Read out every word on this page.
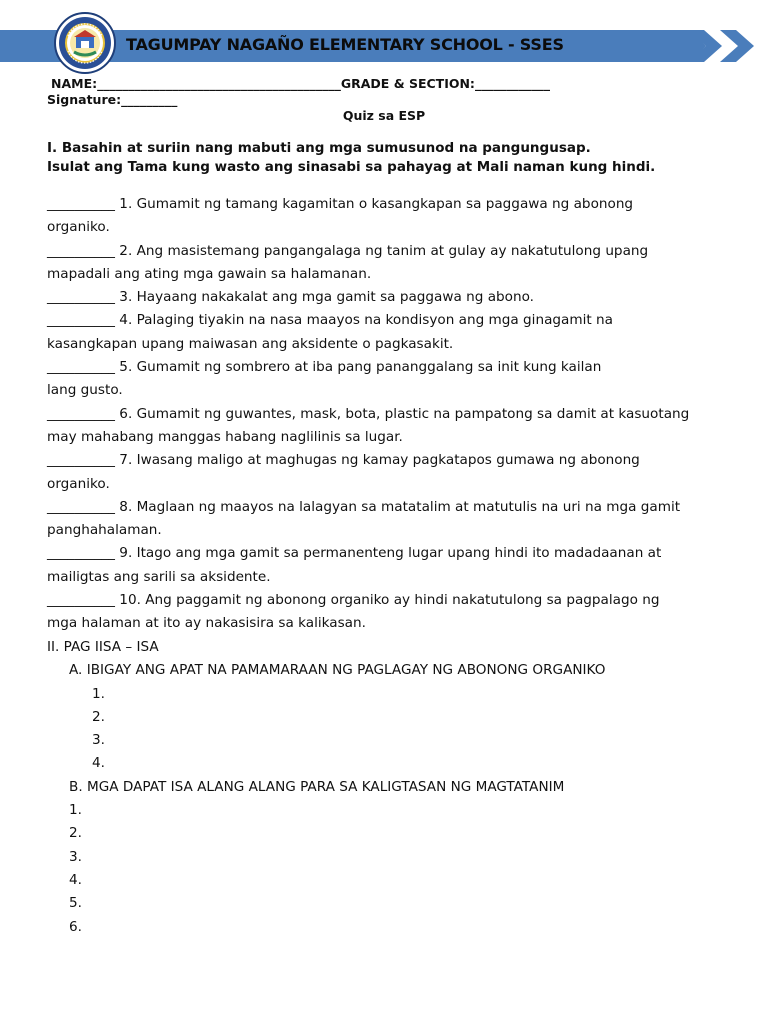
TAGUMPAY NAGAÑO ELEMENTARY SCHOOL - SSES
NAME:_______________________________________GRADE & SECTION:____________
Signature:_________
Quiz sa ESP
I. Basahin at suriin nang mabuti ang mga sumusunod na pangungusap.
Isulat ang Tama kung wasto ang sinasabi sa pahayag at Mali naman kung hindi.

__________ 1. Gumamit ng tamang kagamitan o kasangkapan sa paggawa ng abonong

organiko.

__________ 2. Ang masistemang pangangalaga ng tanim at gulay ay nakatutulong upang

mapadali ang ating mga gawain sa halamanan.

__________ 3. Hayaang nakakalat ang mga gamit sa paggawa ng abono.

__________ 4. Palaging tiyakin na nasa maayos na kondisyon ang mga ginagamit na

kasangkapan upang maiwasan ang aksidente o pagkasakit.

__________ 5. Gumamit ng sombrero at iba pang pananggalang sa init kung kailan

lang gusto.

__________ 6. Gumamit ng guwantes, mask, bota, plastic na pampatong sa damit at kasuotang

may mahabang manggas habang naglilinis sa lugar.

__________ 7. Iwasang maligo at maghugas ng kamay pagkatapos gumawa ng abonong

organiko.

__________ 8. Maglaan ng maayos na lalagyan sa matatalim at matutulis na uri na mga gamit

panghahalaman.

__________ 9. Itago ang mga gamit sa permanenteng lugar upang hindi ito madadaanan at

mailigtas ang sarili sa aksidente.

__________ 10. Ang paggamit ng abonong organiko ay hindi nakatutulong sa pagpalago ng

mga halaman at ito ay nakasisira sa kalikasan.

II. PAG IISA – ISA

A. IBIGAY ANG APAT NA PAMAMARAAN NG PAGLAGAY NG ABONONG ORGANIKO

1.

2.

3.

4.

B. MGA DAPAT ISA ALANG ALANG PARA SA KALIGTASAN NG MAGTATANIM

1.

2.

3.

4.

5.

6.
